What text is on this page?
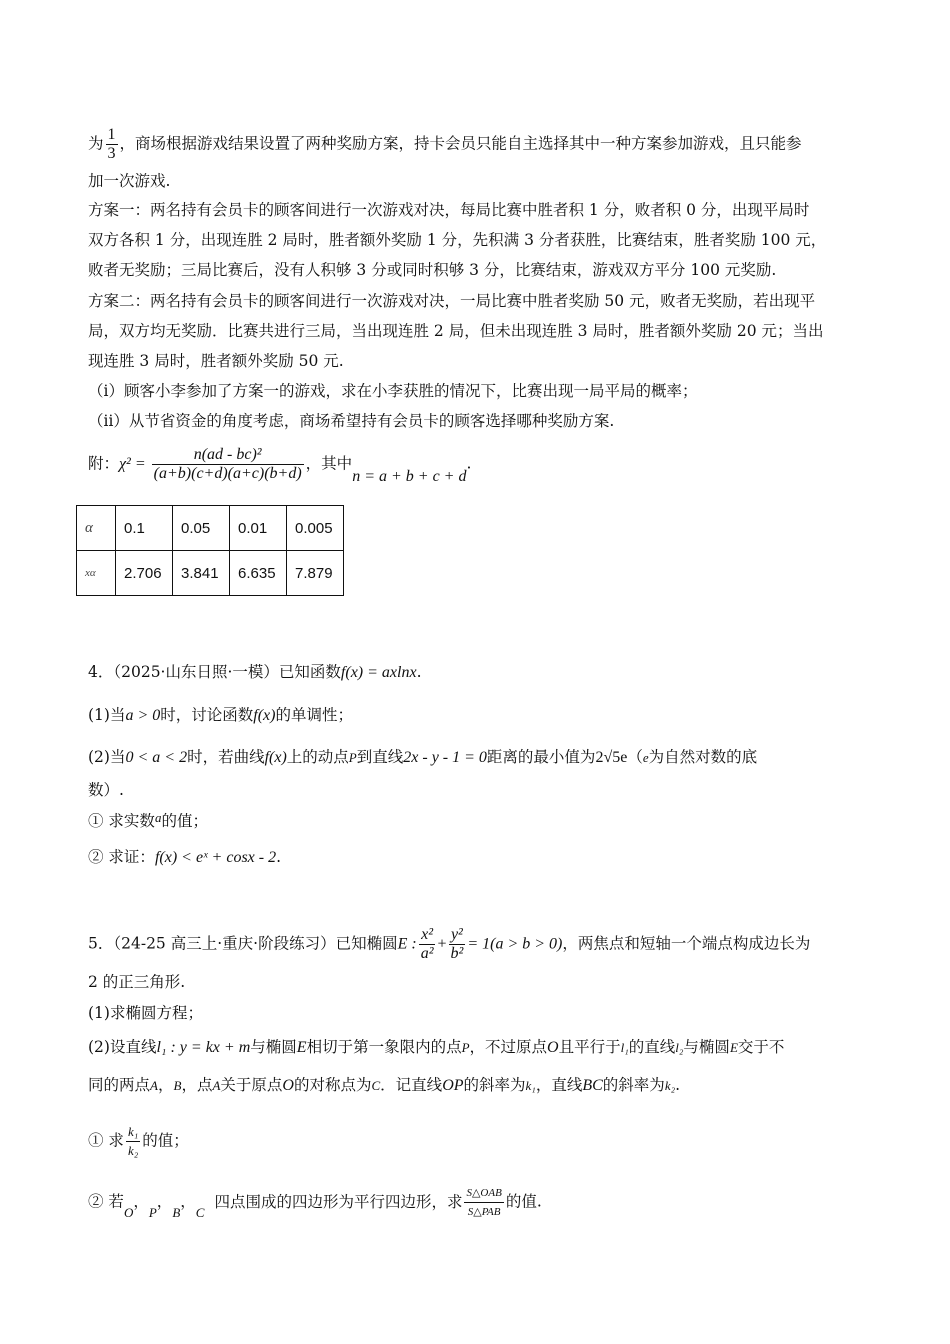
为 $\frac{1}{3}$ ，商场根据游戏结果设置了两种奖励方案，持卡会员只能自主选择其中一种方案参加游戏，且只能参
加一次游戏.
方案一：两名持有会员卡的顾客间进行一次游戏对决，每局比赛中胜者积 1 分，败者积 0 分，出现平局时
双方各积 1 分，出现连胜 2 局时，胜者额外奖励 1 分，先积满 3 分者获胜，比赛结束，胜者奖励 100 元，
败者无奖励；三局比赛后，没有人积够 3 分或同时积够 3 分，比赛结束，游戏双方平分 100 元奖励.
方案二：两名持有会员卡的顾客间进行一次游戏对决，一局比赛中胜者奖励 50 元，败者无奖励，若出现平
局，双方均无奖励．比赛共进行三局，当出现连胜 2 局，但未出现连胜 3 局时，胜者额外奖励 20 元；当出
现连胜 3 局时，胜者额外奖励 50 元.
（ⅰ）顾客小李参加了方案一的游戏，求在小李获胜的情况下，比赛出现一局平局的概率；
（ⅱ）从节省资金的角度考虑，商场希望持有会员卡的顾客选择哪种奖励方案.
附：$\chi^2 = \frac{\text{n(ad - bc)²}}{(a+b)(c+d)(a+c)(b+d)}$ ，其中n = a + b + c + d.
α	0.1	0.05	0.01	0.005
xα	2.706	3.841	6.635	7.879
4．（2025·山东日照·一模）已知函数f(x) = axlnx.
(1)当a > 0时，讨论函数f(x)的单调性；
(2)当0 < a < 2时，若曲线f(x)上的动点P到直线2x - y - 1 = 0距离的最小值为2√5e（e为自然对数的底
数）.
① 求实数$^a$的值；
② 求证：f(x) < eˣ + cosx - 2.
5．（24-25 高三上·重庆·阶段练习）已知椭圆E : $\frac{\text{x²}}{\text{a²}} + \frac{\text{y²}}{\text{b²}} = 1(a > b > 0)$，两焦点和短轴一个端点构成边长为
2 的正三角形.
(1)求椭圆方程；
(2)设直线l₁ : y = kx + m与椭圆E相切于第一象限内的点P，不过原点O且平行于l₁的直线l₂与椭圆E交于不
同的两点A，B，点A关于原点O的对称点为C．记直线OP的斜率为k₁，直线BC的斜率为k₂.
① 求 $\frac{\text{k₁}}{\text{k₂}}$ 的值；
② 若$_O$，$_P$，$_B$，$_C$四点围成的四边形为平行四边形，求 $\frac{\text{S△OAB}}{\text{S△PAB}}$ 的值.
